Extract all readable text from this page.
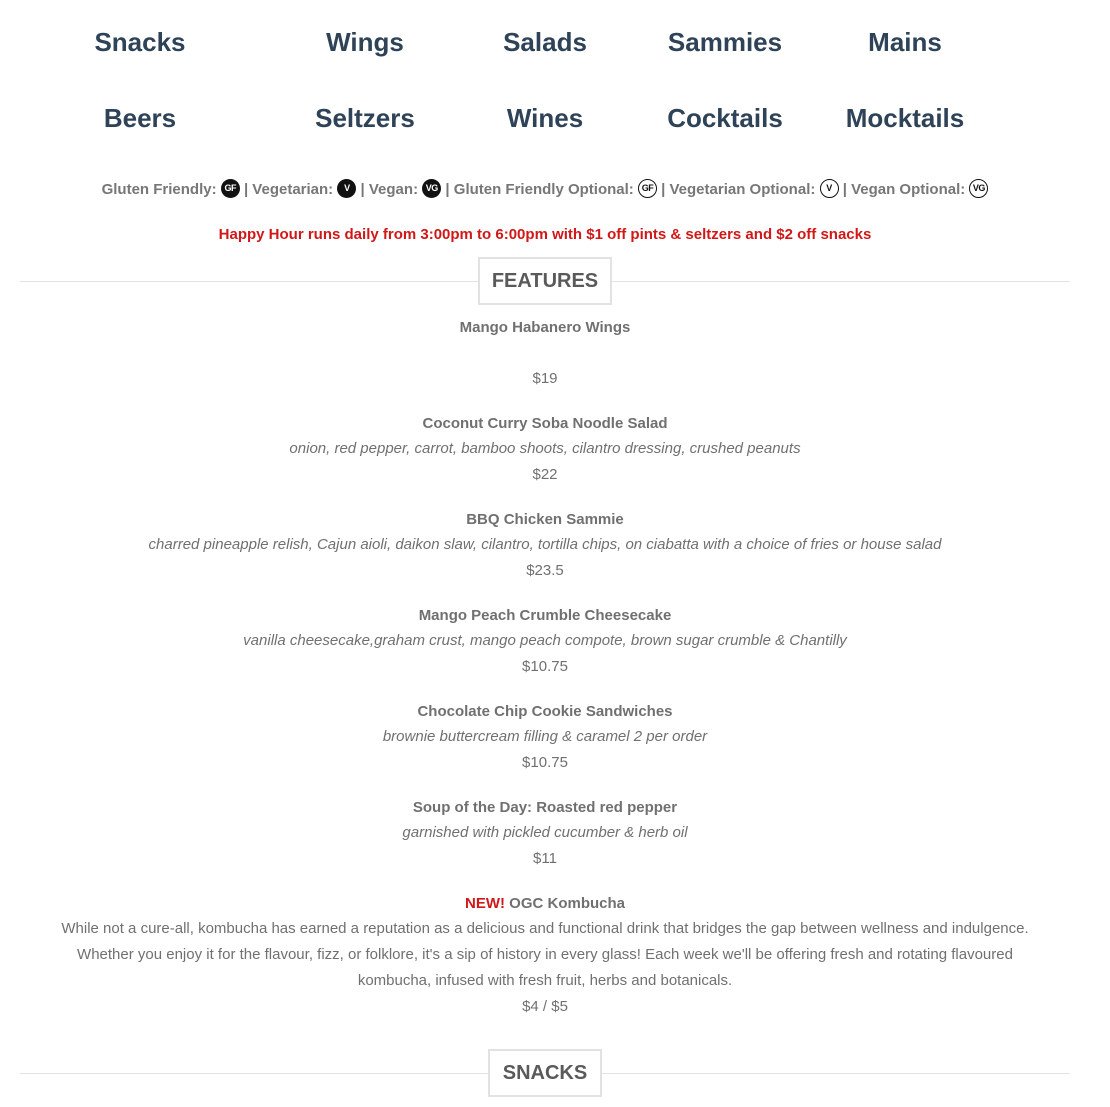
Snacks	Wings	Salads	Sammies	Mains
Beers	Seltzers	Wines	Cocktails	Mocktails
Gluten Friendly: GF | Vegetarian: V | Vegan: VG | Gluten Friendly Optional: GF | Vegetarian Optional: V | Vegan Optional: VG
Happy Hour runs daily from 3:00pm to 6:00pm with $1 off pints & seltzers and $2 off snacks
FEATURES
Mango Habanero Wings
$19
Coconut Curry Soba Noodle Salad
onion, red pepper, carrot, bamboo shoots, cilantro dressing, crushed peanuts
$22
BBQ Chicken Sammie
charred pineapple relish, Cajun aioli, daikon slaw, cilantro, tortilla chips, on ciabatta with a choice of fries or house salad
$23.5
Mango Peach Crumble Cheesecake
vanilla cheesecake,graham crust, mango peach compote, brown sugar crumble & Chantilly
$10.75
Chocolate Chip Cookie Sandwiches
brownie buttercream filling & caramel 2 per order
$10.75
Soup of the Day: Roasted red pepper
garnished with pickled cucumber & herb oil
$11
NEW! OGC Kombucha
While not a cure-all, kombucha has earned a reputation as a delicious and functional drink that bridges the gap between wellness and indulgence. Whether you enjoy it for the flavour, fizz, or folklore, it's a sip of history in every glass! Each week we'll be offering fresh and rotating flavoured kombucha, infused with fresh fruit, herbs and botanicals.
$4 / $5
SNACKS
